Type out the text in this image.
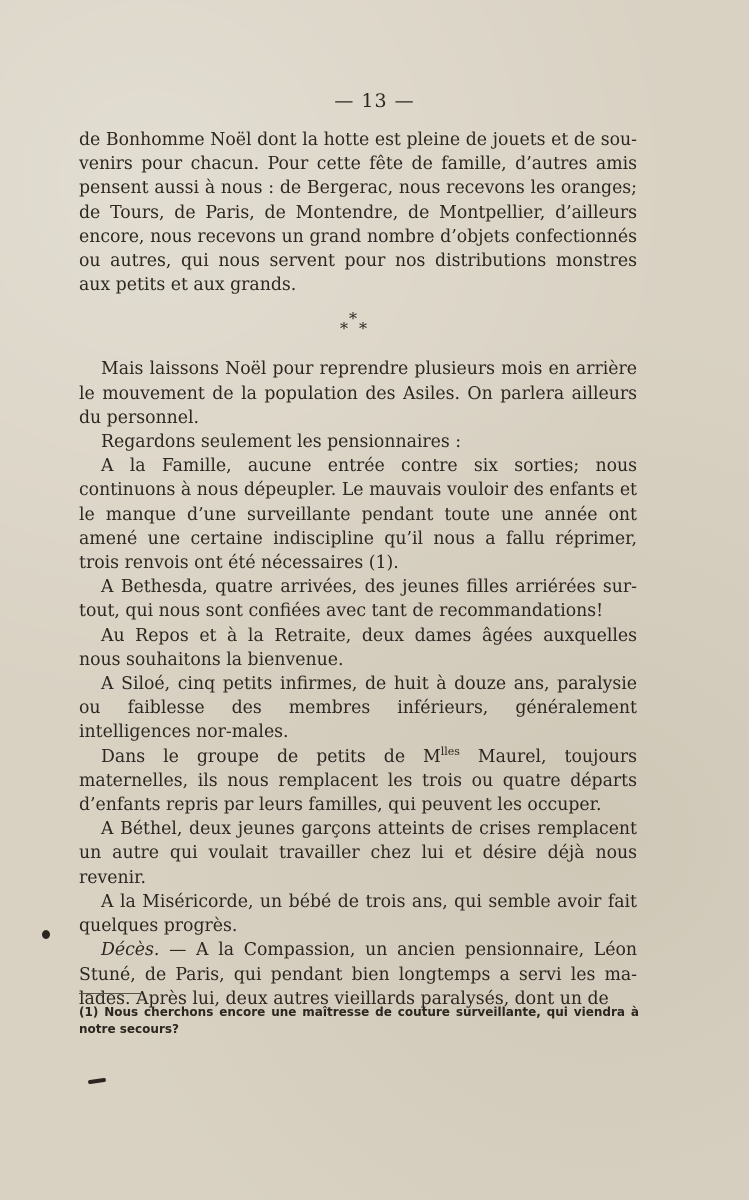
— 13 —

de Bonhomme Noël dont la hotte est pleine de jouets et de sou-venirs pour chacun. Pour cette fête de famille, d’autres amis pensent aussi à nous : de Bergerac, nous recevons les oranges; de Tours, de Paris, de Montendre, de Montpellier, d’ailleurs encore, nous recevons un grand nombre d’objets confectionnés ou autres, qui nous servent pour nos distributions monstres aux petits et aux grands.

*
* *

Mais laissons Noël pour reprendre plusieurs mois en arrière le mouvement de la population des Asiles. On parlera ailleurs du personnel.

Regardons seulement les pensionnaires :

A la Famille, aucune entrée contre six sorties; nous continuons à nous dépeupler. Le mauvais vouloir des enfants et le manque d’une surveillante pendant toute une année ont amené une certaine indiscipline qu’il nous a fallu réprimer, trois renvois ont été nécessaires (1).

A Bethesda, quatre arrivées, des jeunes filles arriérées sur-tout, qui nous sont confiées avec tant de recommandations!

Au Repos et à la Retraite, deux dames âgées auxquelles nous souhaitons la bienvenue.

A Siloé, cinq petits infirmes, de huit à douze ans, paralysie ou faiblesse des membres inférieurs, généralement intelligences nor-males.

Dans le groupe de petits de $M^{lles}$ Maurel, toujours maternelles, ils nous remplacent les trois ou quatre départs d’enfants repris par leurs familles, qui peuvent les occuper.

A Béthel, deux jeunes garçons atteints de crises remplacent un autre qui voulait travailler chez lui et désire déjà nous revenir.

A la Miséricorde, un bébé de trois ans, qui semble avoir fait quelques progrès.

Décès. — A la Compassion, un ancien pensionnaire, Léon Stuné, de Paris, qui pendant bien longtemps a servi les ma-lades. Après lui, deux autres vieillards paralysés, dont un de

(1) Nous cherchons encore une maîtresse de couture surveillante, qui viendra à notre secours?
